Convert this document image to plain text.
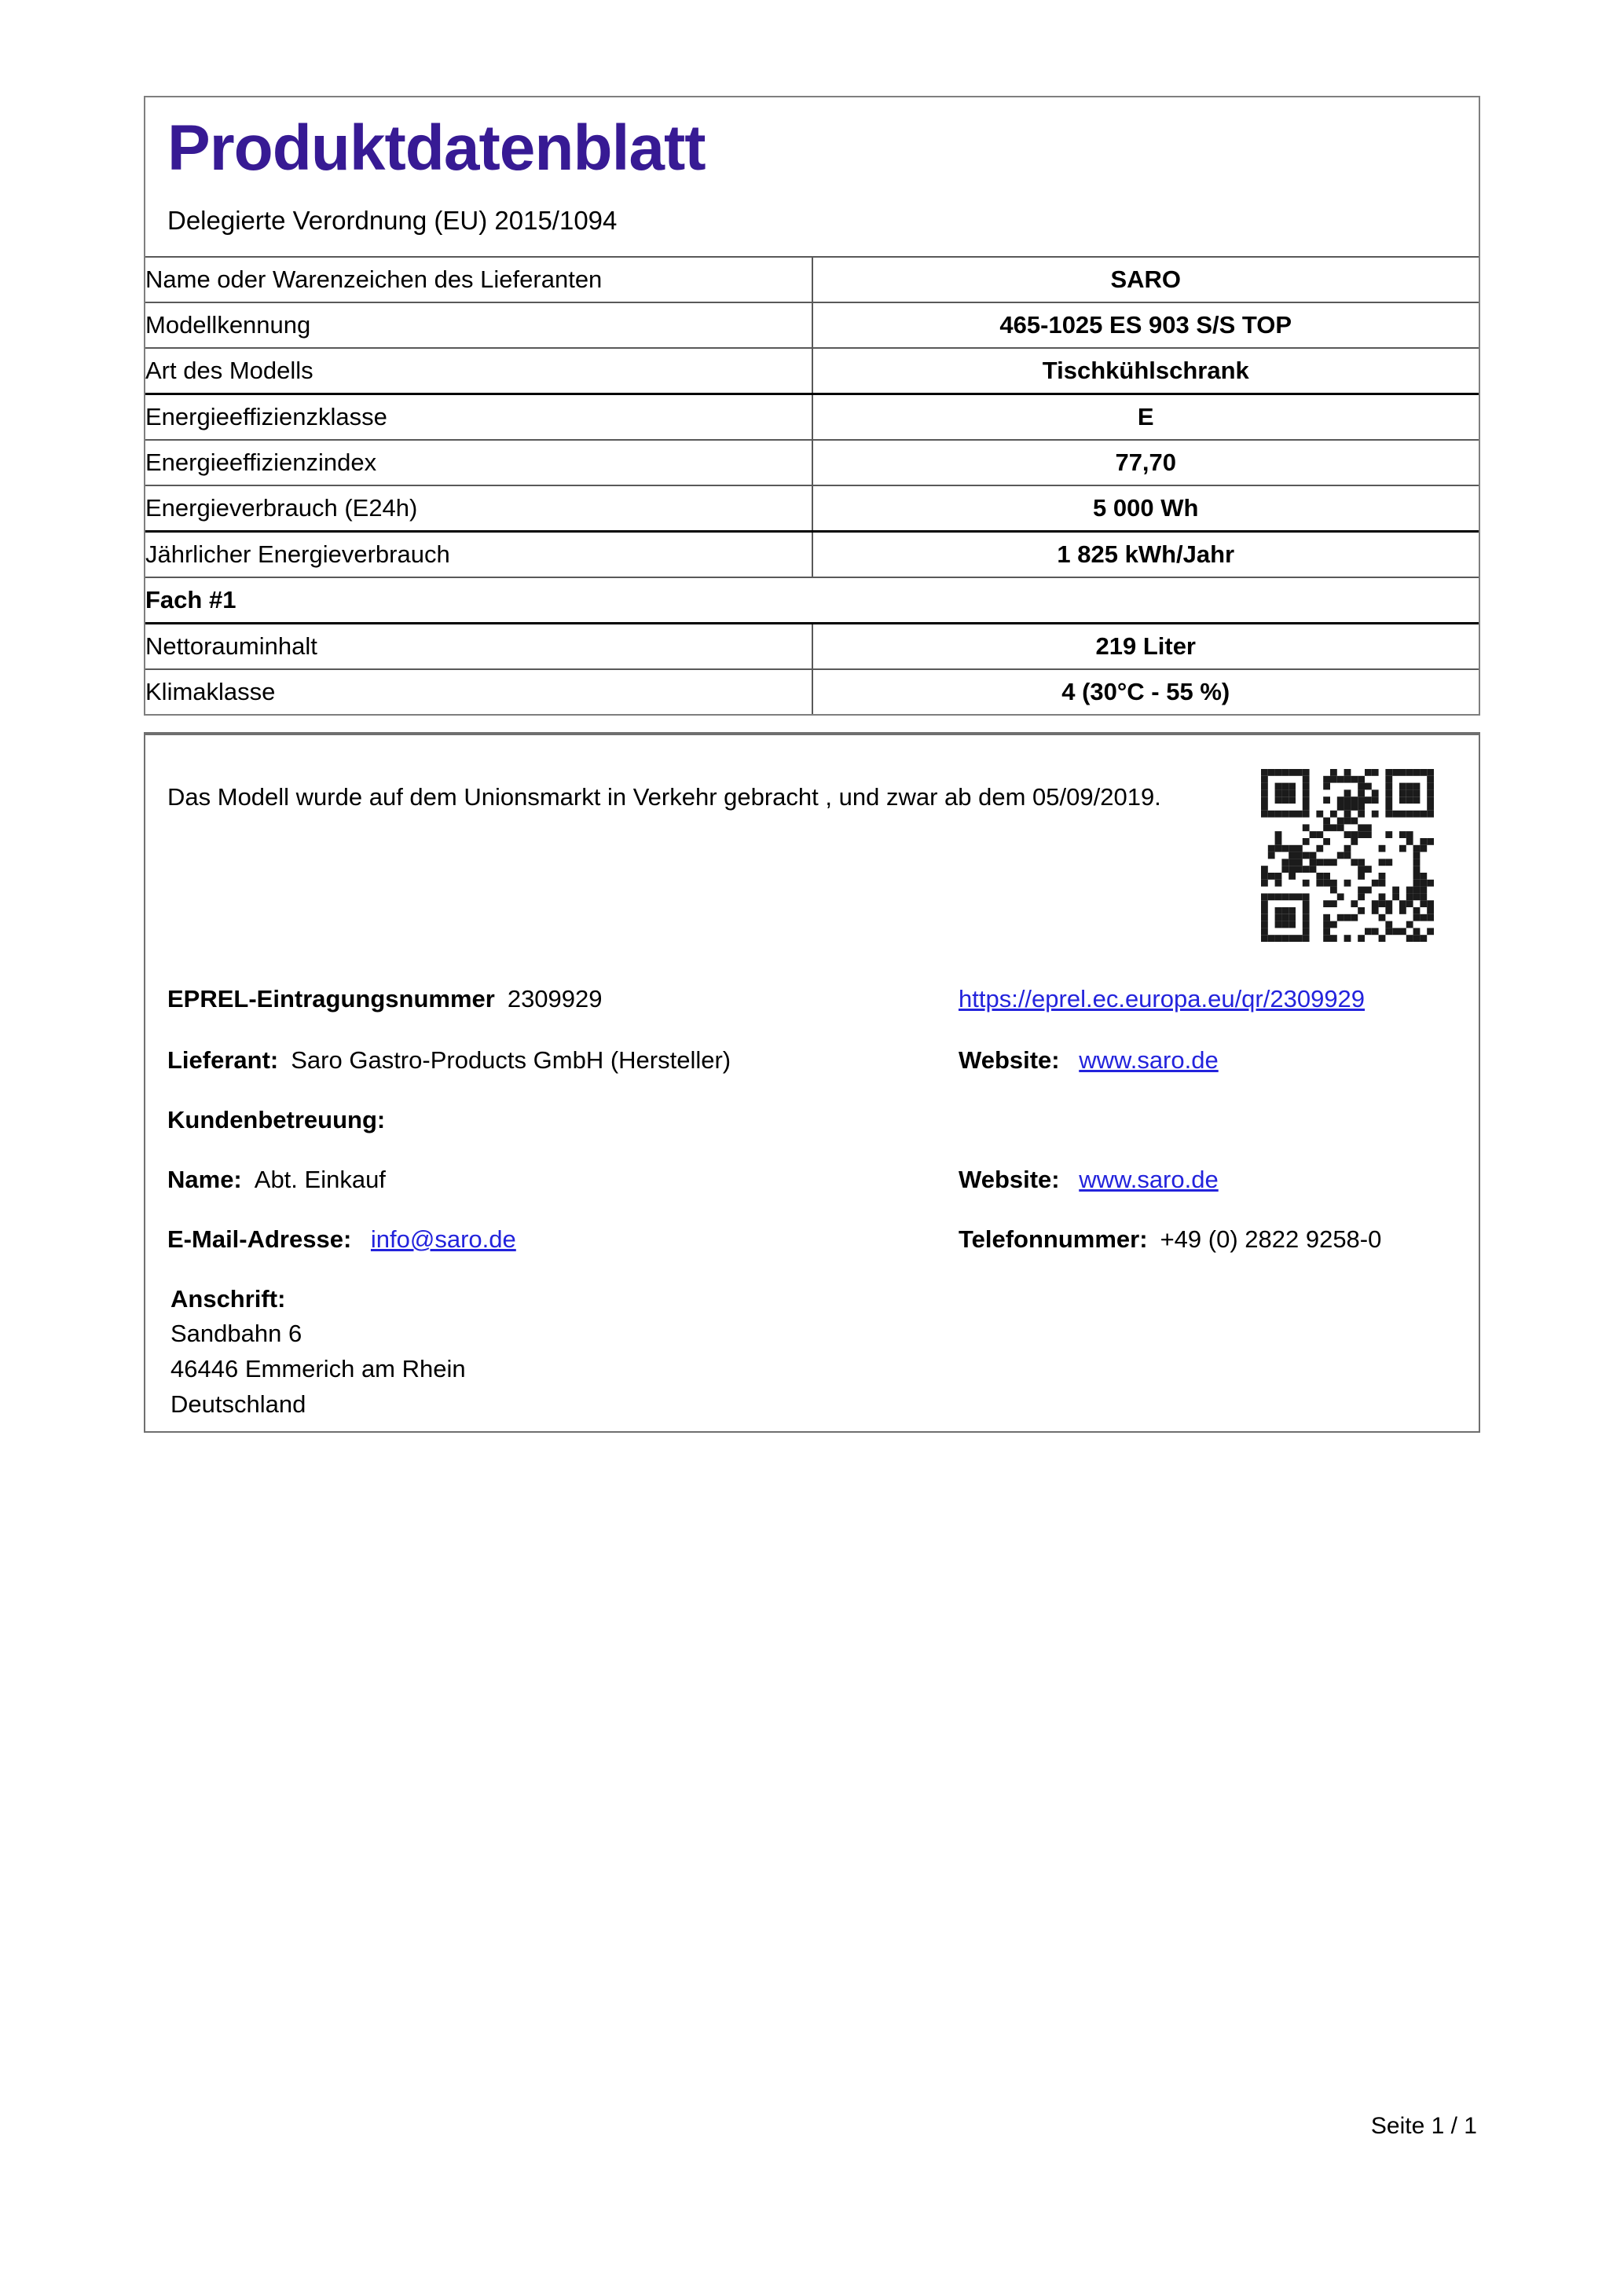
Produktdatenblatt
Delegierte Verordnung (EU) 2015/1094
Name oder Warenzeichen des Lieferanten	SARO
Modellkennung	465-1025 ES 903 S/S TOP
Art des Modells	Tischkühlschrank
Energieeffizienzklasse	E
Energieeffizienzindex	77,70
Energieverbrauch (E24h)	5 000 Wh
Jährlicher Energieverbrauch	1 825 kWh/Jahr
Fach #1	
Nettorauminhalt	219 Liter
Klimaklasse	4 (30°C - 55 %)

Das Modell wurde auf dem Unionsmarkt in Verkehr gebracht , und zwar ab dem 05/09/2019.

EPREL-Eintragungsnummer 2309929	https://eprel.ec.europa.eu/qr/2309929
Lieferant: Saro Gastro-Products GmbH (Hersteller)	Website: www.saro.de
Kundenbetreuung:
Name: Abt. Einkauf	Website: www.saro.de
E-Mail-Adresse: info@saro.de	Telefonnummer: +49 (0) 2822 9258-0
Anschrift:
Sandbahn 6
46446 Emmerich am Rhein
Deutschland
Seite 1 / 1
